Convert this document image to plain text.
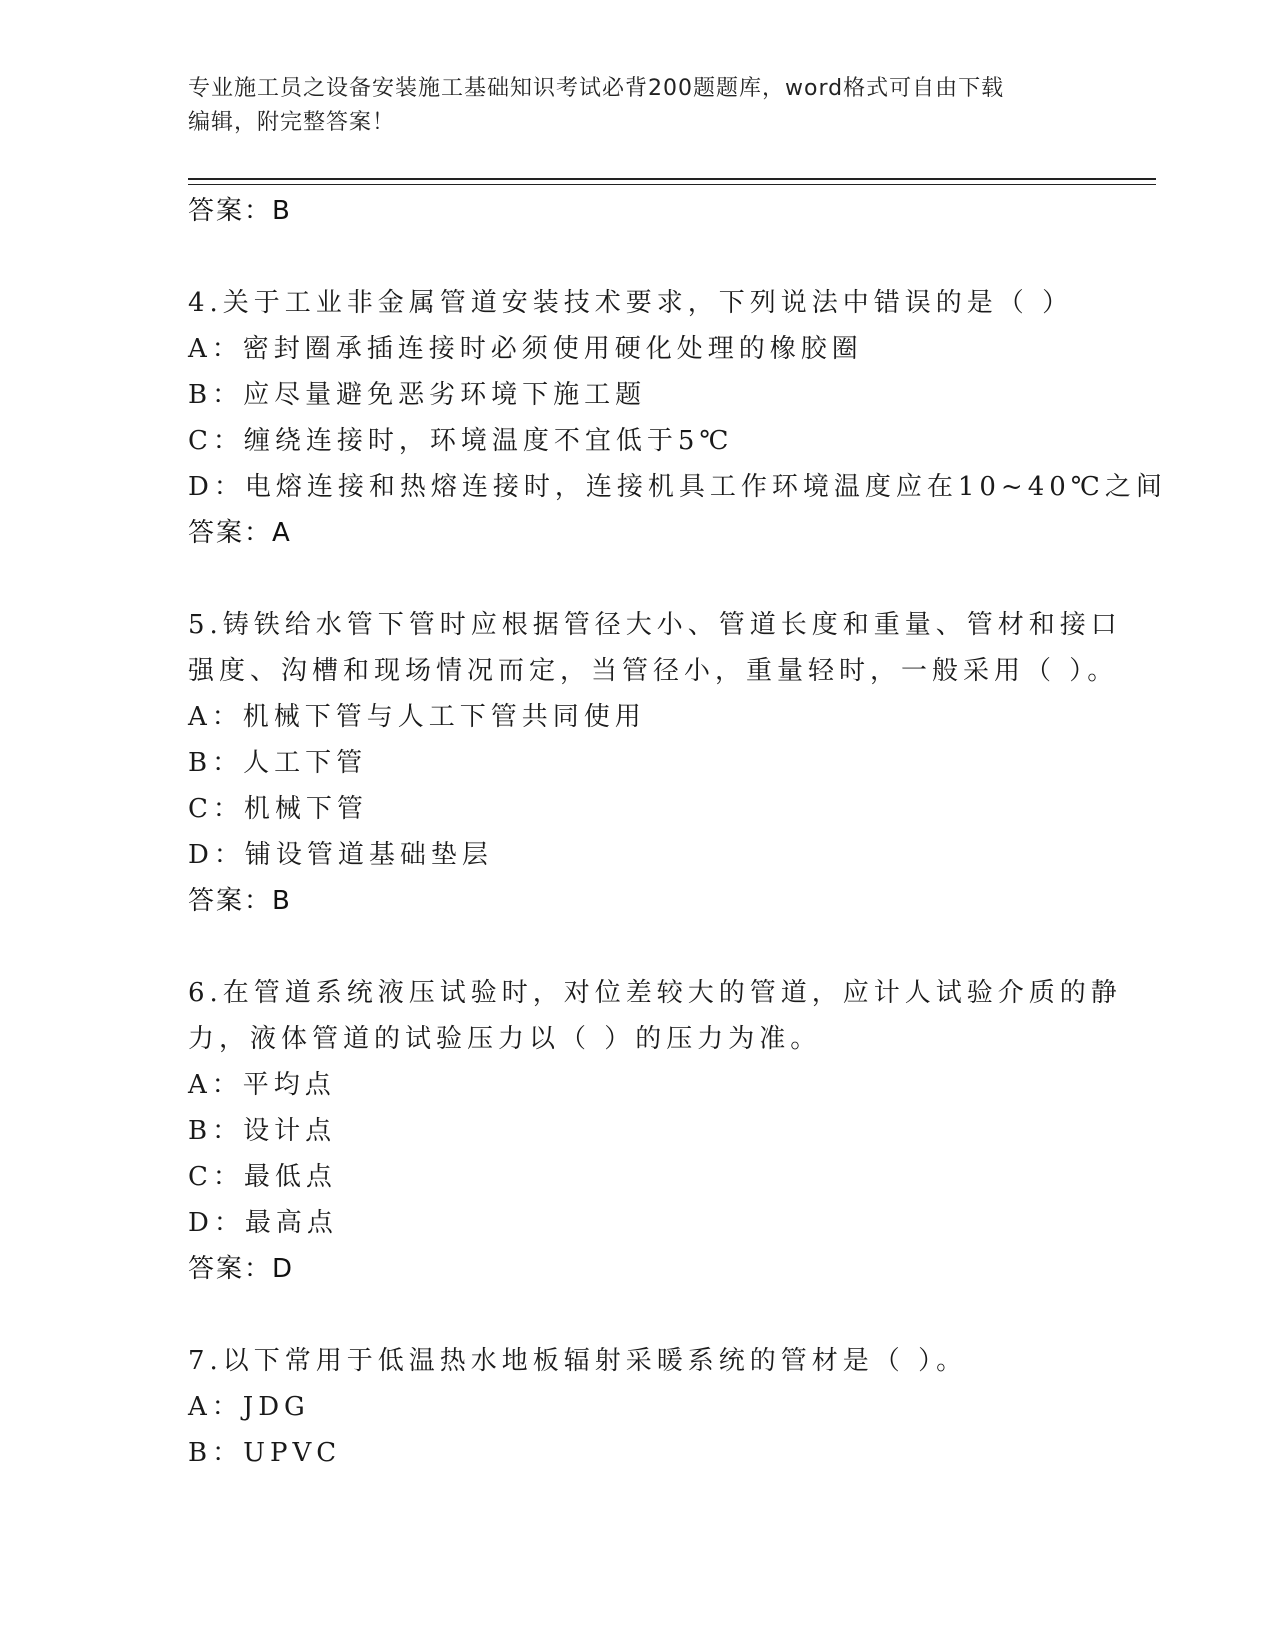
专业施工员之设备安装施工基础知识考试必背200题题库，word格式可自由下载
编辑，附完整答案！
答案：B
4.关于工业非金属管道安装技术要求，下列说法中错误的是（ ）
A：密封圈承插连接时必须使用硬化处理的橡胶圈
B：应尽量避免恶劣环境下施工题
C：缠绕连接时，环境温度不宜低于5℃
D：电熔连接和热熔连接时，连接机具工作环境温度应在10~40℃之间
答案：A
5.铸铁给水管下管时应根据管径大小、管道长度和重量、管材和接口
强度、沟槽和现场情况而定，当管径小，重量轻时，一般采用（ ）。
A：机械下管与人工下管共同使用
B：人工下管
C：机械下管
D：铺设管道基础垫层
答案：B
6.在管道系统液压试验时，对位差较大的管道，应计人试验介质的静
力，液体管道的试验压力以（ ）的压力为准。
A：平均点
B：设计点
C：最低点
D：最高点
答案：D
7.以下常用于低温热水地板辐射采暖系统的管材是（ ）。
A：JDG
B：UPVC
